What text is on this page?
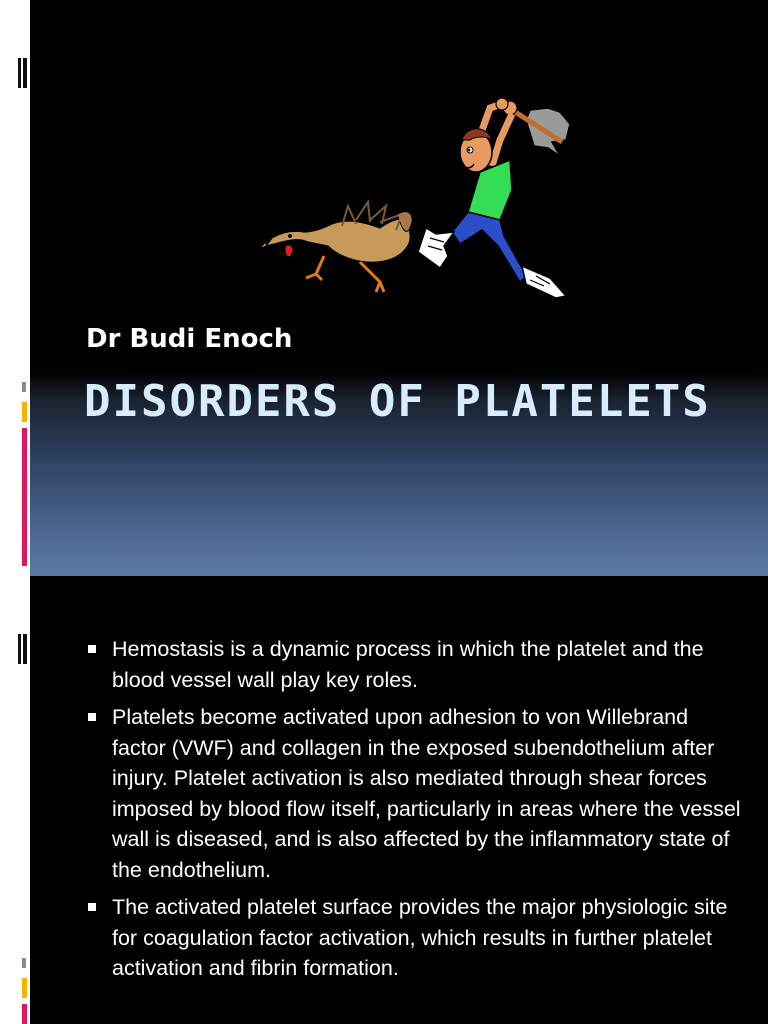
Dr Budi Enoch
DISORDERS OF PLATELETS
Hemostasis is a dynamic process in which the platelet and the blood vessel wall play key roles.
Platelets become activated upon adhesion to von Willebrand factor (VWF) and collagen in the exposed subendothelium after injury. Platelet activation is also mediated through shear forces imposed by blood flow itself, particularly in areas where the vessel wall is diseased, and is also affected by the inflammatory state of the endothelium.
The activated platelet surface provides the major physiologic site for coagulation factor activation, which results in further platelet activation and fibrin formation.
